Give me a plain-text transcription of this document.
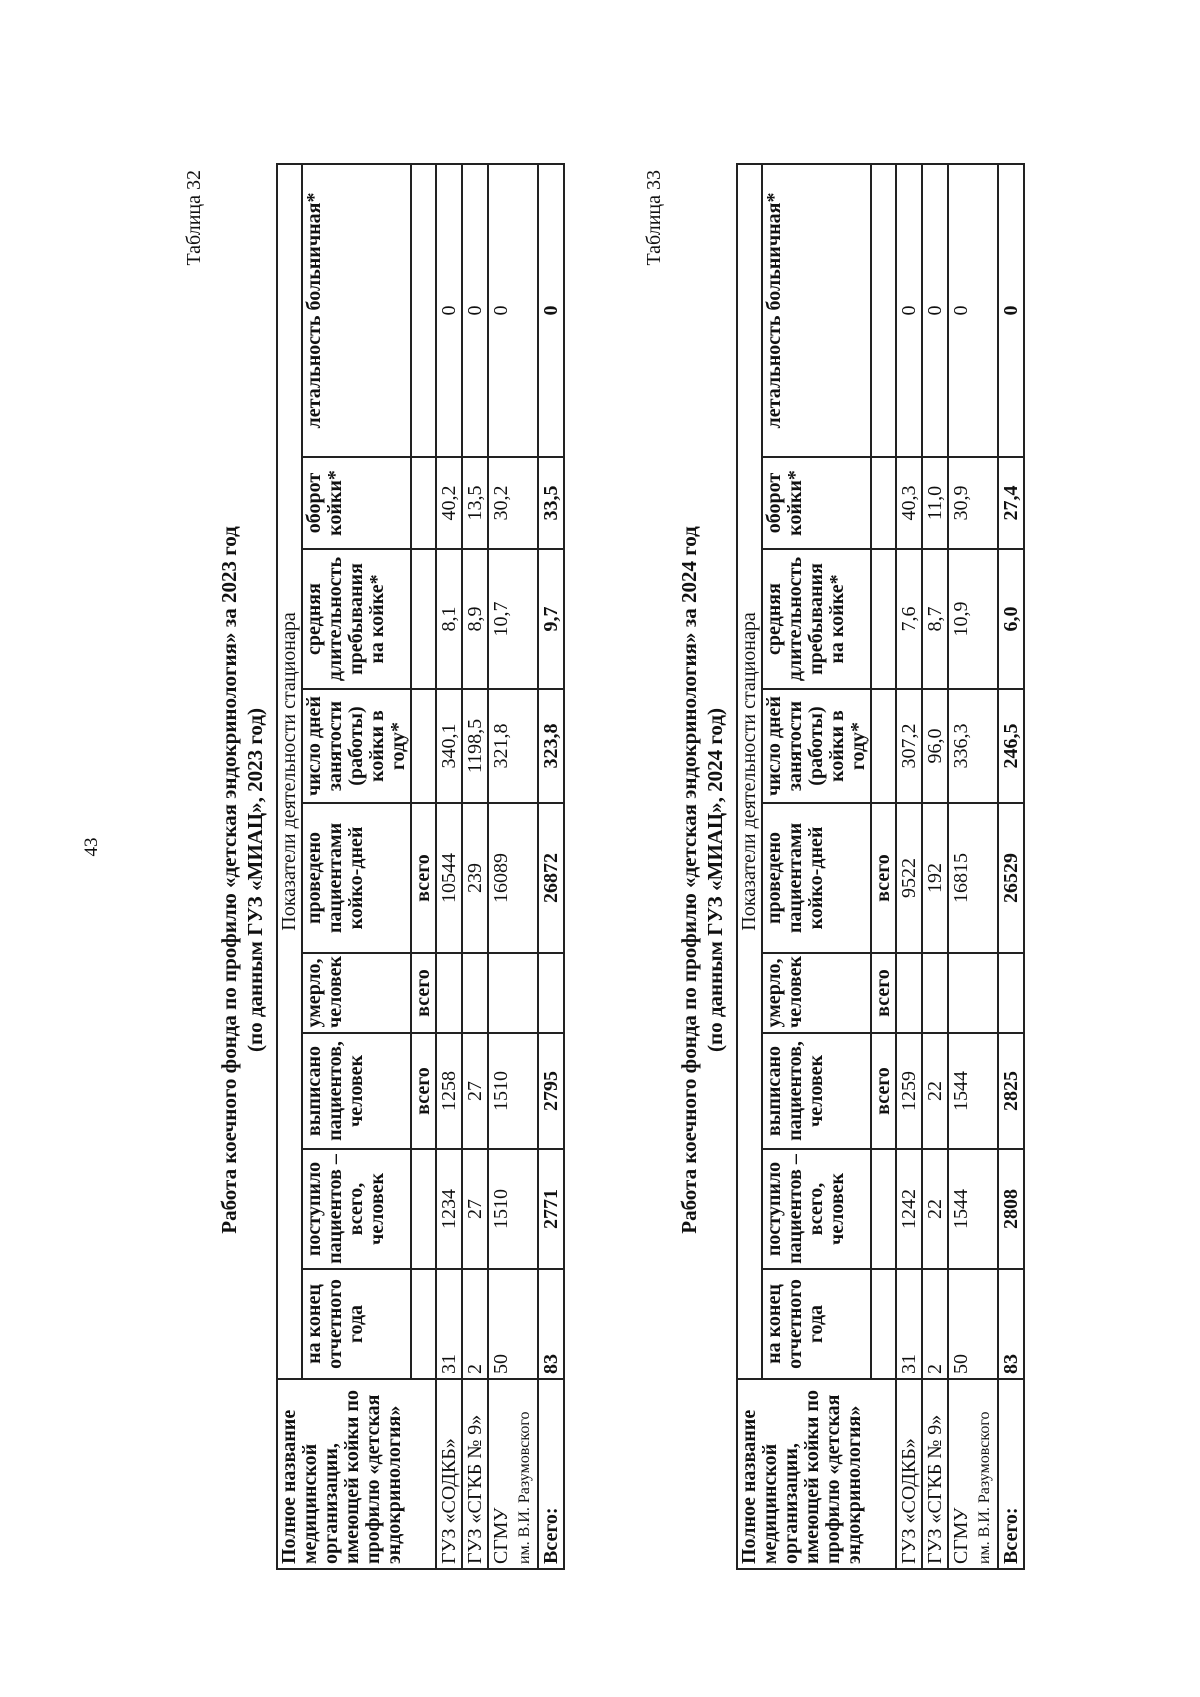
43
Таблица 32
Работа коечного фонда по профилю «детская эндокринология» за 2023 год (по данным ГУЗ «МИАЦ», 2023 год)
Полное название медицинской организации, имеющей койки по профилю «детская эндокринология»	Показатели деятельности стационара								
	на конец отчетного года	поступило пациентов – всего, человек	выписано пациентов, человек	умерло, человек	проведено пациентами койко-дней	число дней занятости (работы) койки в году*	средняя длительность пребывания на койке*	оборот койки*	летальность больничная*
			всего	всего	всего				
ГУЗ «СОДКБ»	31	1234	1258		10544	340,1	8,1	40,2	0
ГУЗ «СГКБ № 9»	2	27	27		239	1198,5	8,9	13,5	0
СГМУ им. В.И. Разумовского	50	1510	1510		16089	321,8	10,7	30,2	0
Всего:	83	2771	2795		26872	323,8	9,7	33,5	0
Таблица 33
Работа коечного фонда по профилю «детская эндокринология» за 2024 год (по данным ГУЗ «МИАЦ», 2024 год)
Полное название медицинской организации, имеющей койки по профилю «детская эндокринология»	Показатели деятельности стационара								
	на конец отчетного года	поступило пациентов – всего, человек	выписано пациентов, человек	умерло, человек	проведено пациентами койко-дней	число дней занятости (работы) койки в году*	средняя длительность пребывания на койке*	оборот койки*	летальность больничная*
			всего	всего	всего				
ГУЗ «СОДКБ»	31	1242	1259		9522	307,2	7,6	40,3	0
ГУЗ «СГКБ № 9»	2	22	22		192	96,0	8,7	11,0	0
СГМУ им. В.И. Разумовского	50	1544	1544		16815	336,3	10,9	30,9	0
Всего:	83	2808	2825		26529	246,5	6,0	27,4	0
